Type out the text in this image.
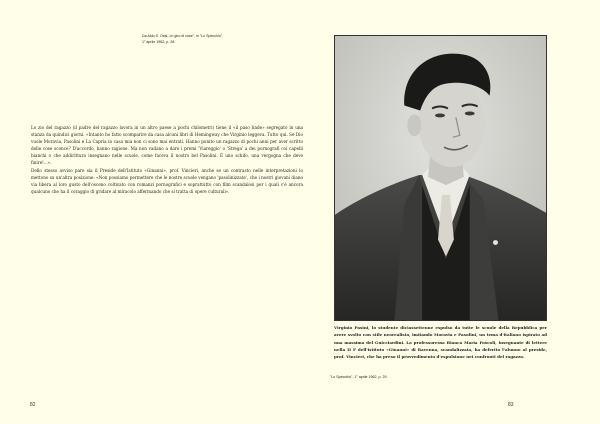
Da Aldo S. Ossi, „In giro di cose", in "Lo Specchio",
1° aprile 1962, p. 28.

Lo zio del ragazzo (il padre del ragazzo lavora in un altro paese a pochi chilometri) tiene il «il paso linde» segregato in una stanza da quindici giorni. «Intanto ho fatto scomparire da casa alcuni libri di Hemingway che Virginio leggeva. Tutto qui. Se Dio vuole Moravia, Pasolini e La Capria in casa mia non ci sono mai entrati. Hanno punito un ragazzo di pochi anni per aver scritto delle cose sconce? D'accordo, hanno ragione. Ma non vadano a dare i premi 'Viareggio' o 'Strega' a dei pornografi coi capelli bianchi o che addirittura insegnano nelle scuole, come faceva il nostro bel Pasolini. È uno schifo, una vergogna che deve finire!...».

Dello stesso avviso pare sia il Preside dell'Istituto «Ginanni», prof. Vincieri, anche se un contrasto nelle interpretazioni lo mettono su un'altra posizione: «Non possiamo permettere che le nostre scuole vengano 'pasolinizzate', che i nostri giovani diano via libera al loro gusto dell'osceno coltivato con romanzi pornografici e soprattutto con film scandalosi per i quali c'è ancora qualcuno che ha il coraggio di gridare al miracolo affermando che si tratta di opere culturali».

82
Virginio Pasini, lo studente diciassettenne espulso da tutte le scuole della Repubblica per avere svolto con stile neorealista, imitando Moravia e Pasolini, un tema d'italiano ispirato ad una massima del Guicciardini. La professoressa Bianca Maria Foscoli, insegnante di lettere nella II F dell'istituto «Ginanni» di Ravenna, scandalizzata, ha deferito l'alunno al preside, prof. Vincieri, che ha preso il provvedimento d'espulsione nei confronti del ragazzo.
"Lo Specchio", 1° aprile 1962, p. 29.
83
